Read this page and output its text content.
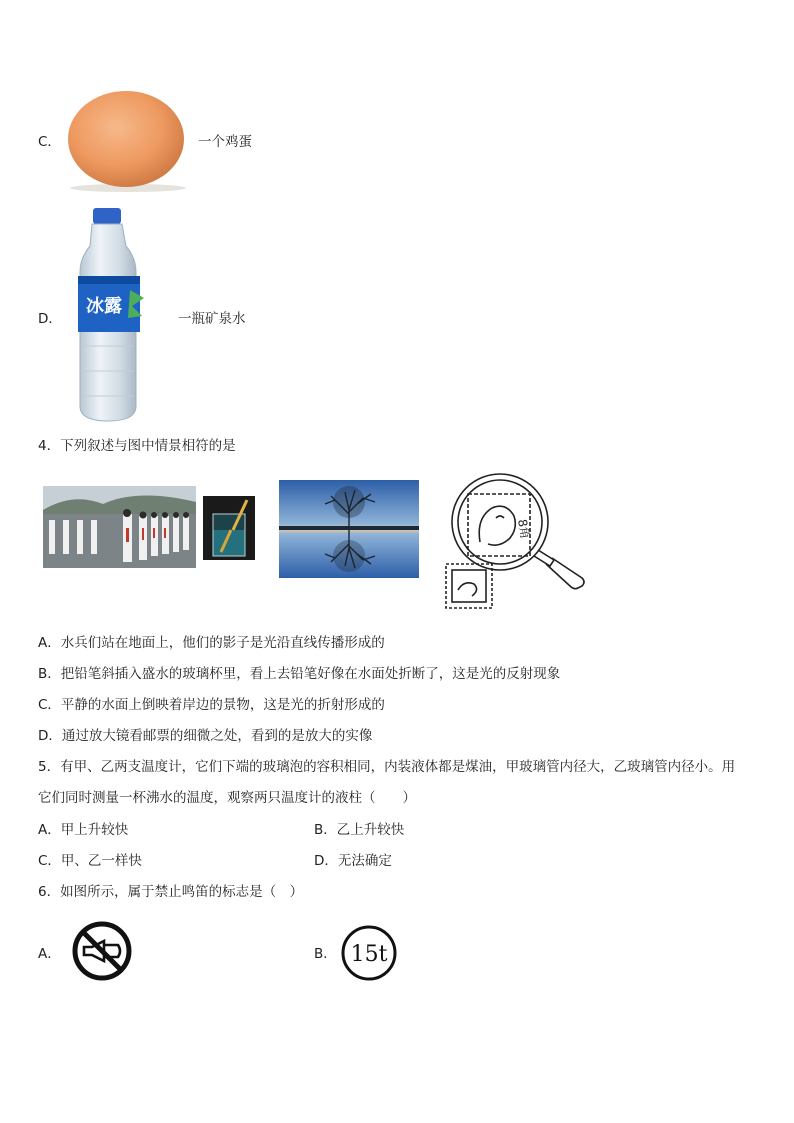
C．	一个鸡蛋
D．
冰露
一瓶矿泉水
4．下列叙述与图中情景相符的是
8角
A．水兵们站在地面上，他们的影子是光沿直线传播形成的
B．把铅笔斜插入盛水的玻璃杯里，看上去铅笔好像在水面处折断了，这是光的反射现象
C．平静的水面上倒映着岸边的景物，这是光的折射形成的
D．通过放大镜看邮票的细微之处，看到的是放大的实像
5．有甲、乙两支温度计，它们下端的玻璃泡的容积相同，内装液体都是煤油，甲玻璃管内径大，乙玻璃管内径小。用
它们同时测量一杯沸水的温度，观察两只温度计的液柱（　　）
A．甲上升较快	B．乙上升较快
C．甲、乙一样快	D．无法确定
6．如图所示，属于禁止鸣笛的标志是（　）
A．	B． 15t
